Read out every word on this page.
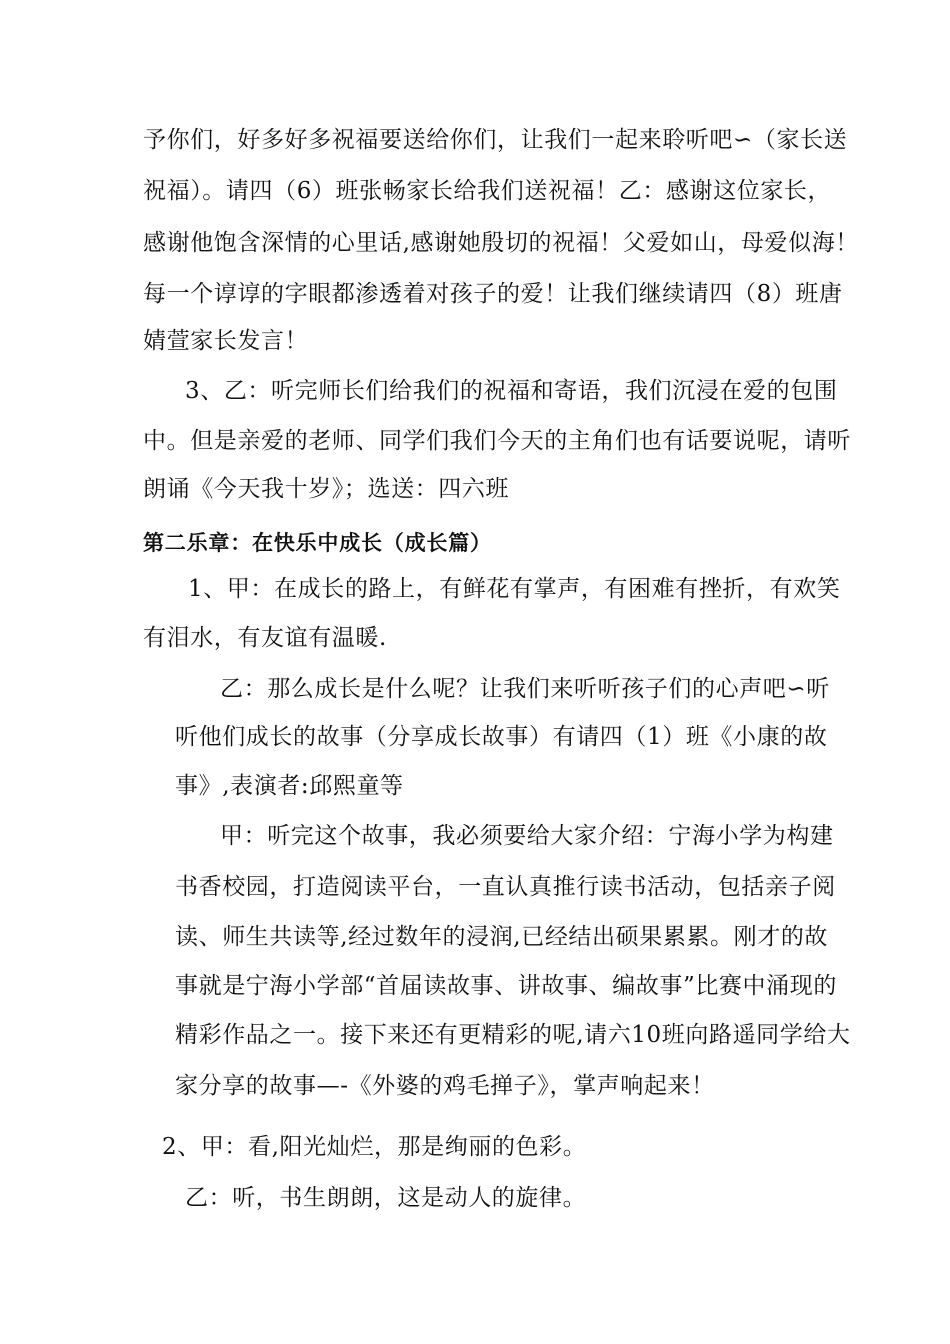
予你们，好多好多祝福要送给你们，让我们一起来聆听吧∽（家长送
祝福）。请四（6）班张畅家长给我们送祝福！乙：感谢这位家长，
感谢他饱含深情的心里话,感谢她殷切的祝福！父爱如山，母爱似海！
每一个谆谆的字眼都渗透着对孩子的爱！让我们继续请四（8）班唐
婧萱家长发言！
3、乙：听完师长们给我们的祝福和寄语，我们沉浸在爱的包围
中。但是亲爱的老师、同学们我们今天的主角们也有话要说呢，请听
朗诵《今天我十岁》；选送：四六班
第二乐章：在快乐中成长（成长篇）
1、甲：在成长的路上，有鲜花有掌声，有困难有挫折，有欢笑
有泪水，有友谊有温暖.
乙：那么成长是什么呢？让我们来听听孩子们的心声吧∽听
听他们成长的故事（分享成长故事）有请四（1）班《小康的故
事》,表演者:邱熙童等
甲：听完这个故事，我必须要给大家介绍：宁海小学为构建
书香校园，打造阅读平台，一直认真推行读书活动，包括亲子阅
读、师生共读等,经过数年的浸润,已经结出硕果累累。刚才的故
事就是宁海小学部“首届读故事、讲故事、编故事”比赛中涌现的
精彩作品之一。接下来还有更精彩的呢,请六10班向路遥同学给大
家分享的故事—-《外婆的鸡毛掸子》，掌声响起来！
2、甲：看,阳光灿烂，那是绚丽的色彩。
乙：听，书生朗朗，这是动人的旋律。
